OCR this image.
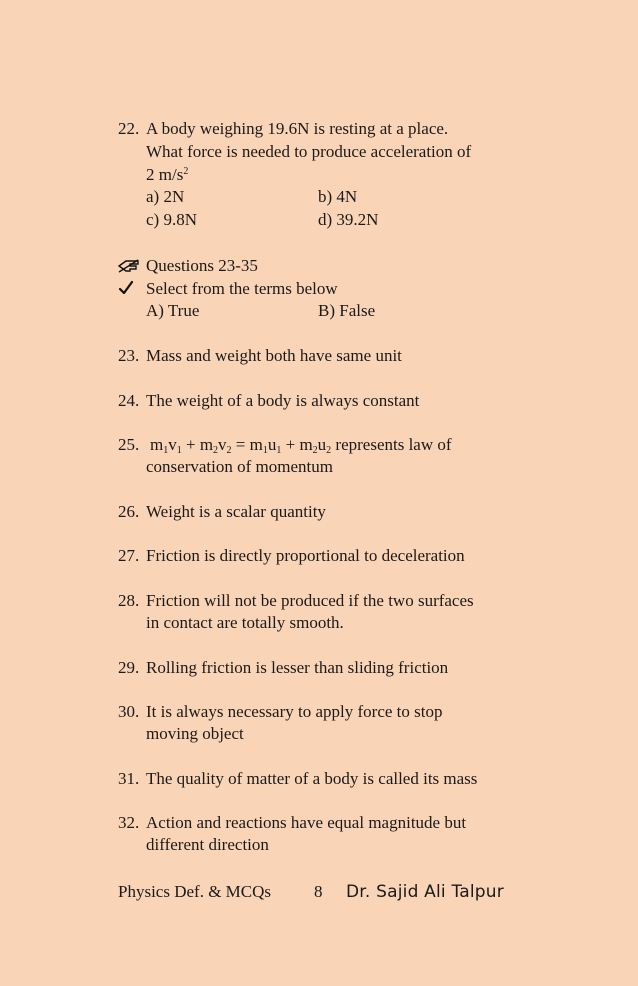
22. A body weighing 19.6N is resting at a place.
What force is needed to produce acceleration of
2 $m/s^2$
a) 2N	b) 4N
c) 9.8N	d) 39.2N
Questions 23-35
Select from the terms below
A) True	B) False
23. Mass and weight both have same unit
24. The weight of a body is always constant
25. $m_1v_1 + m_2v_2 = m_1u_1 + m_2u_2$ represents law of
conservation of momentum
26. Weight is a scalar quantity
27. Friction is directly proportional to deceleration
28. Friction will not be produced if the two surfaces
in contact are totally smooth.
29. Rolling friction is lesser than sliding friction
30. It is always necessary to apply force to stop
moving object
31. The quality of matter of a body is called its mass
32. Action and reactions have equal magnitude but
different direction
Physics Def. & MCQs	8 Dr. Sajid Ali Talpur
